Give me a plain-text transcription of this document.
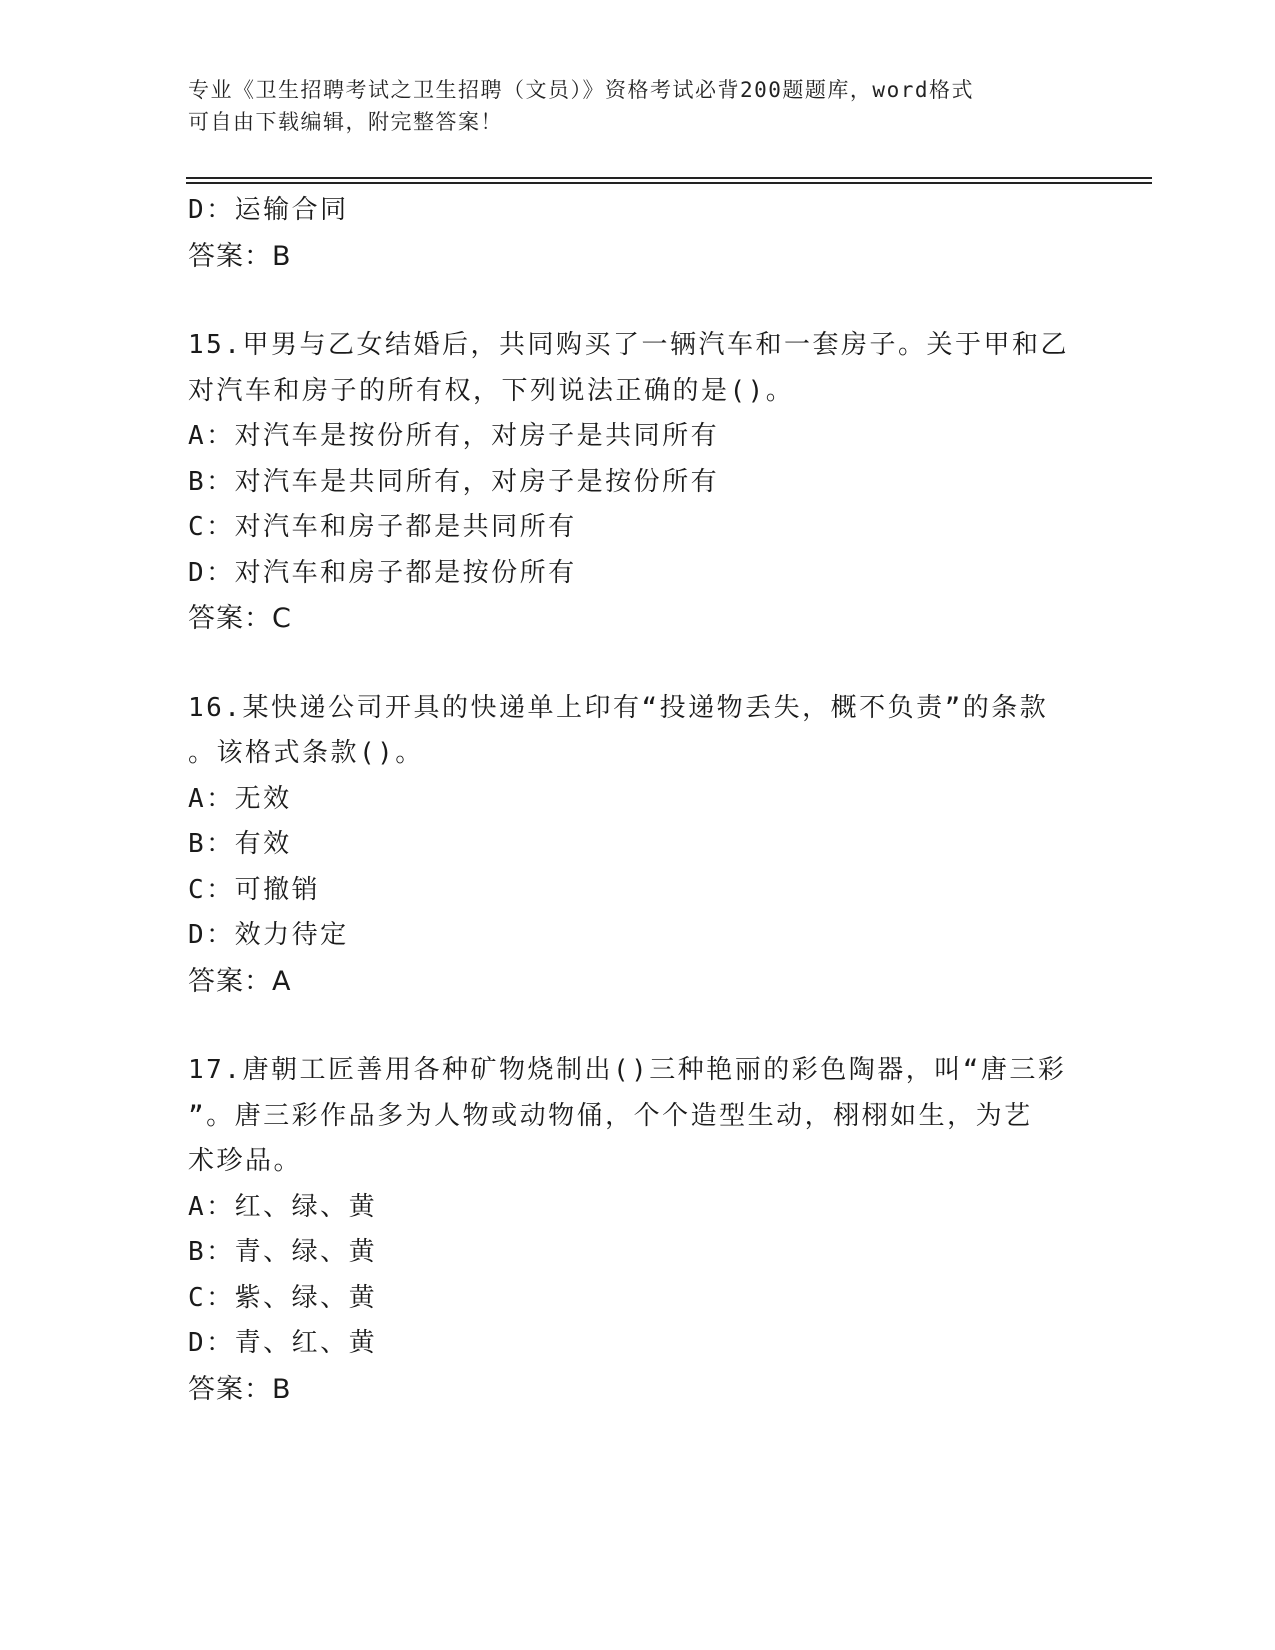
专业《卫生招聘考试之卫生招聘（文员）》资格考试必背200题题库，word格式
可自由下载编辑，附完整答案！
D：运输合同
答案：B
15.甲男与乙女结婚后，共同购买了一辆汽车和一套房子。关于甲和乙
对汽车和房子的所有权，下列说法正确的是()。
A：对汽车是按份所有，对房子是共同所有
B：对汽车是共同所有，对房子是按份所有
C：对汽车和房子都是共同所有
D：对汽车和房子都是按份所有
答案：C
16.某快递公司开具的快递单上印有“投递物丢失，概不负责”的条款
。该格式条款()。
A：无效
B：有效
C：可撤销
D：效力待定
答案：A
17.唐朝工匠善用各种矿物烧制出()三种艳丽的彩色陶器，叫“唐三彩
”。唐三彩作品多为人物或动物俑，个个造型生动，栩栩如生，为艺
术珍品。
A：红、绿、黄
B：青、绿、黄
C：紫、绿、黄
D：青、红、黄
答案：B
